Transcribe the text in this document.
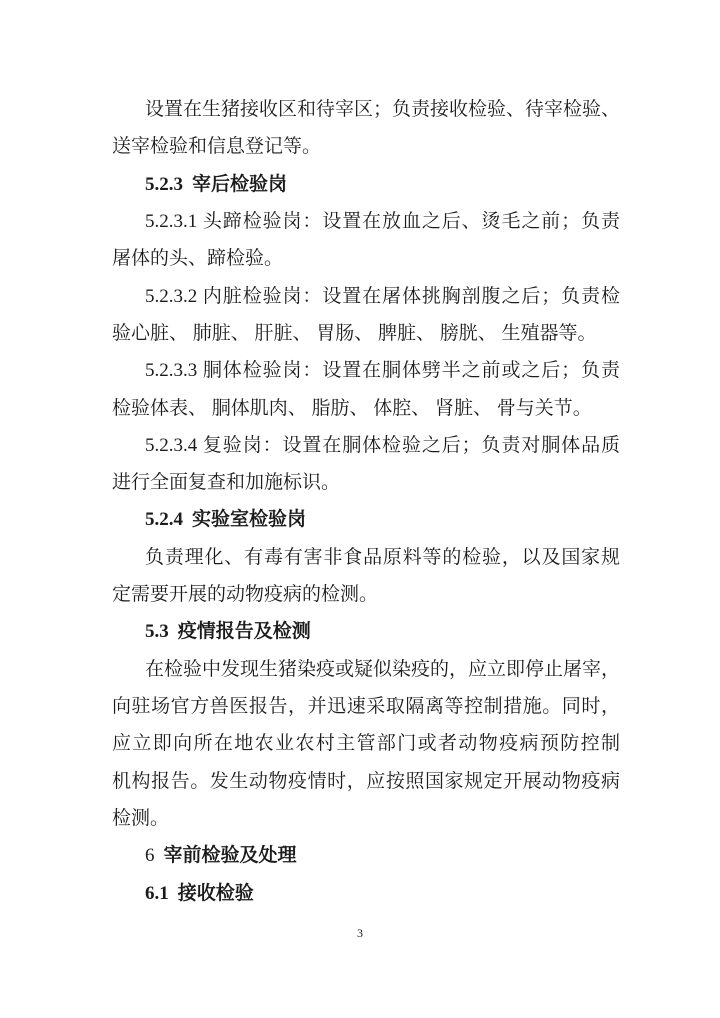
设置在生猪接收区和待宰区；负责接收检验、待宰检验、
送宰检验和信息登记等。
5.2.3 宰后检验岗
5.2.3.1 头蹄检验岗：设置在放血之后、烫毛之前；负责
屠体的头、蹄检验。
5.2.3.2 内脏检验岗：设置在屠体挑胸剖腹之后；负责检
验心脏、 肺脏、 肝脏、 胃肠、 脾脏、 膀胱、 生殖器等。
5.2.3.3 胴体检验岗：设置在胴体劈半之前或之后；负责
检验体表、 胴体肌肉、 脂肪、 体腔、 肾脏、 骨与关节。
5.2.3.4 复验岗：设置在胴体检验之后；负责对胴体品质
进行全面复查和加施标识。
5.2.4 实验室检验岗
负责理化、有毒有害非食品原料等的检验，以及国家规
定需要开展的动物疫病的检测。
5.3 疫情报告及检测
在检验中发现生猪染疫或疑似染疫的，应立即停止屠宰，
向驻场官方兽医报告，并迅速采取隔离等控制措施。同时，
应立即向所在地农业农村主管部门或者动物疫病预防控制
机构报告。发生动物疫情时，应按照国家规定开展动物疫病
检测。
6 宰前检验及处理
6.1 接收检验
3
